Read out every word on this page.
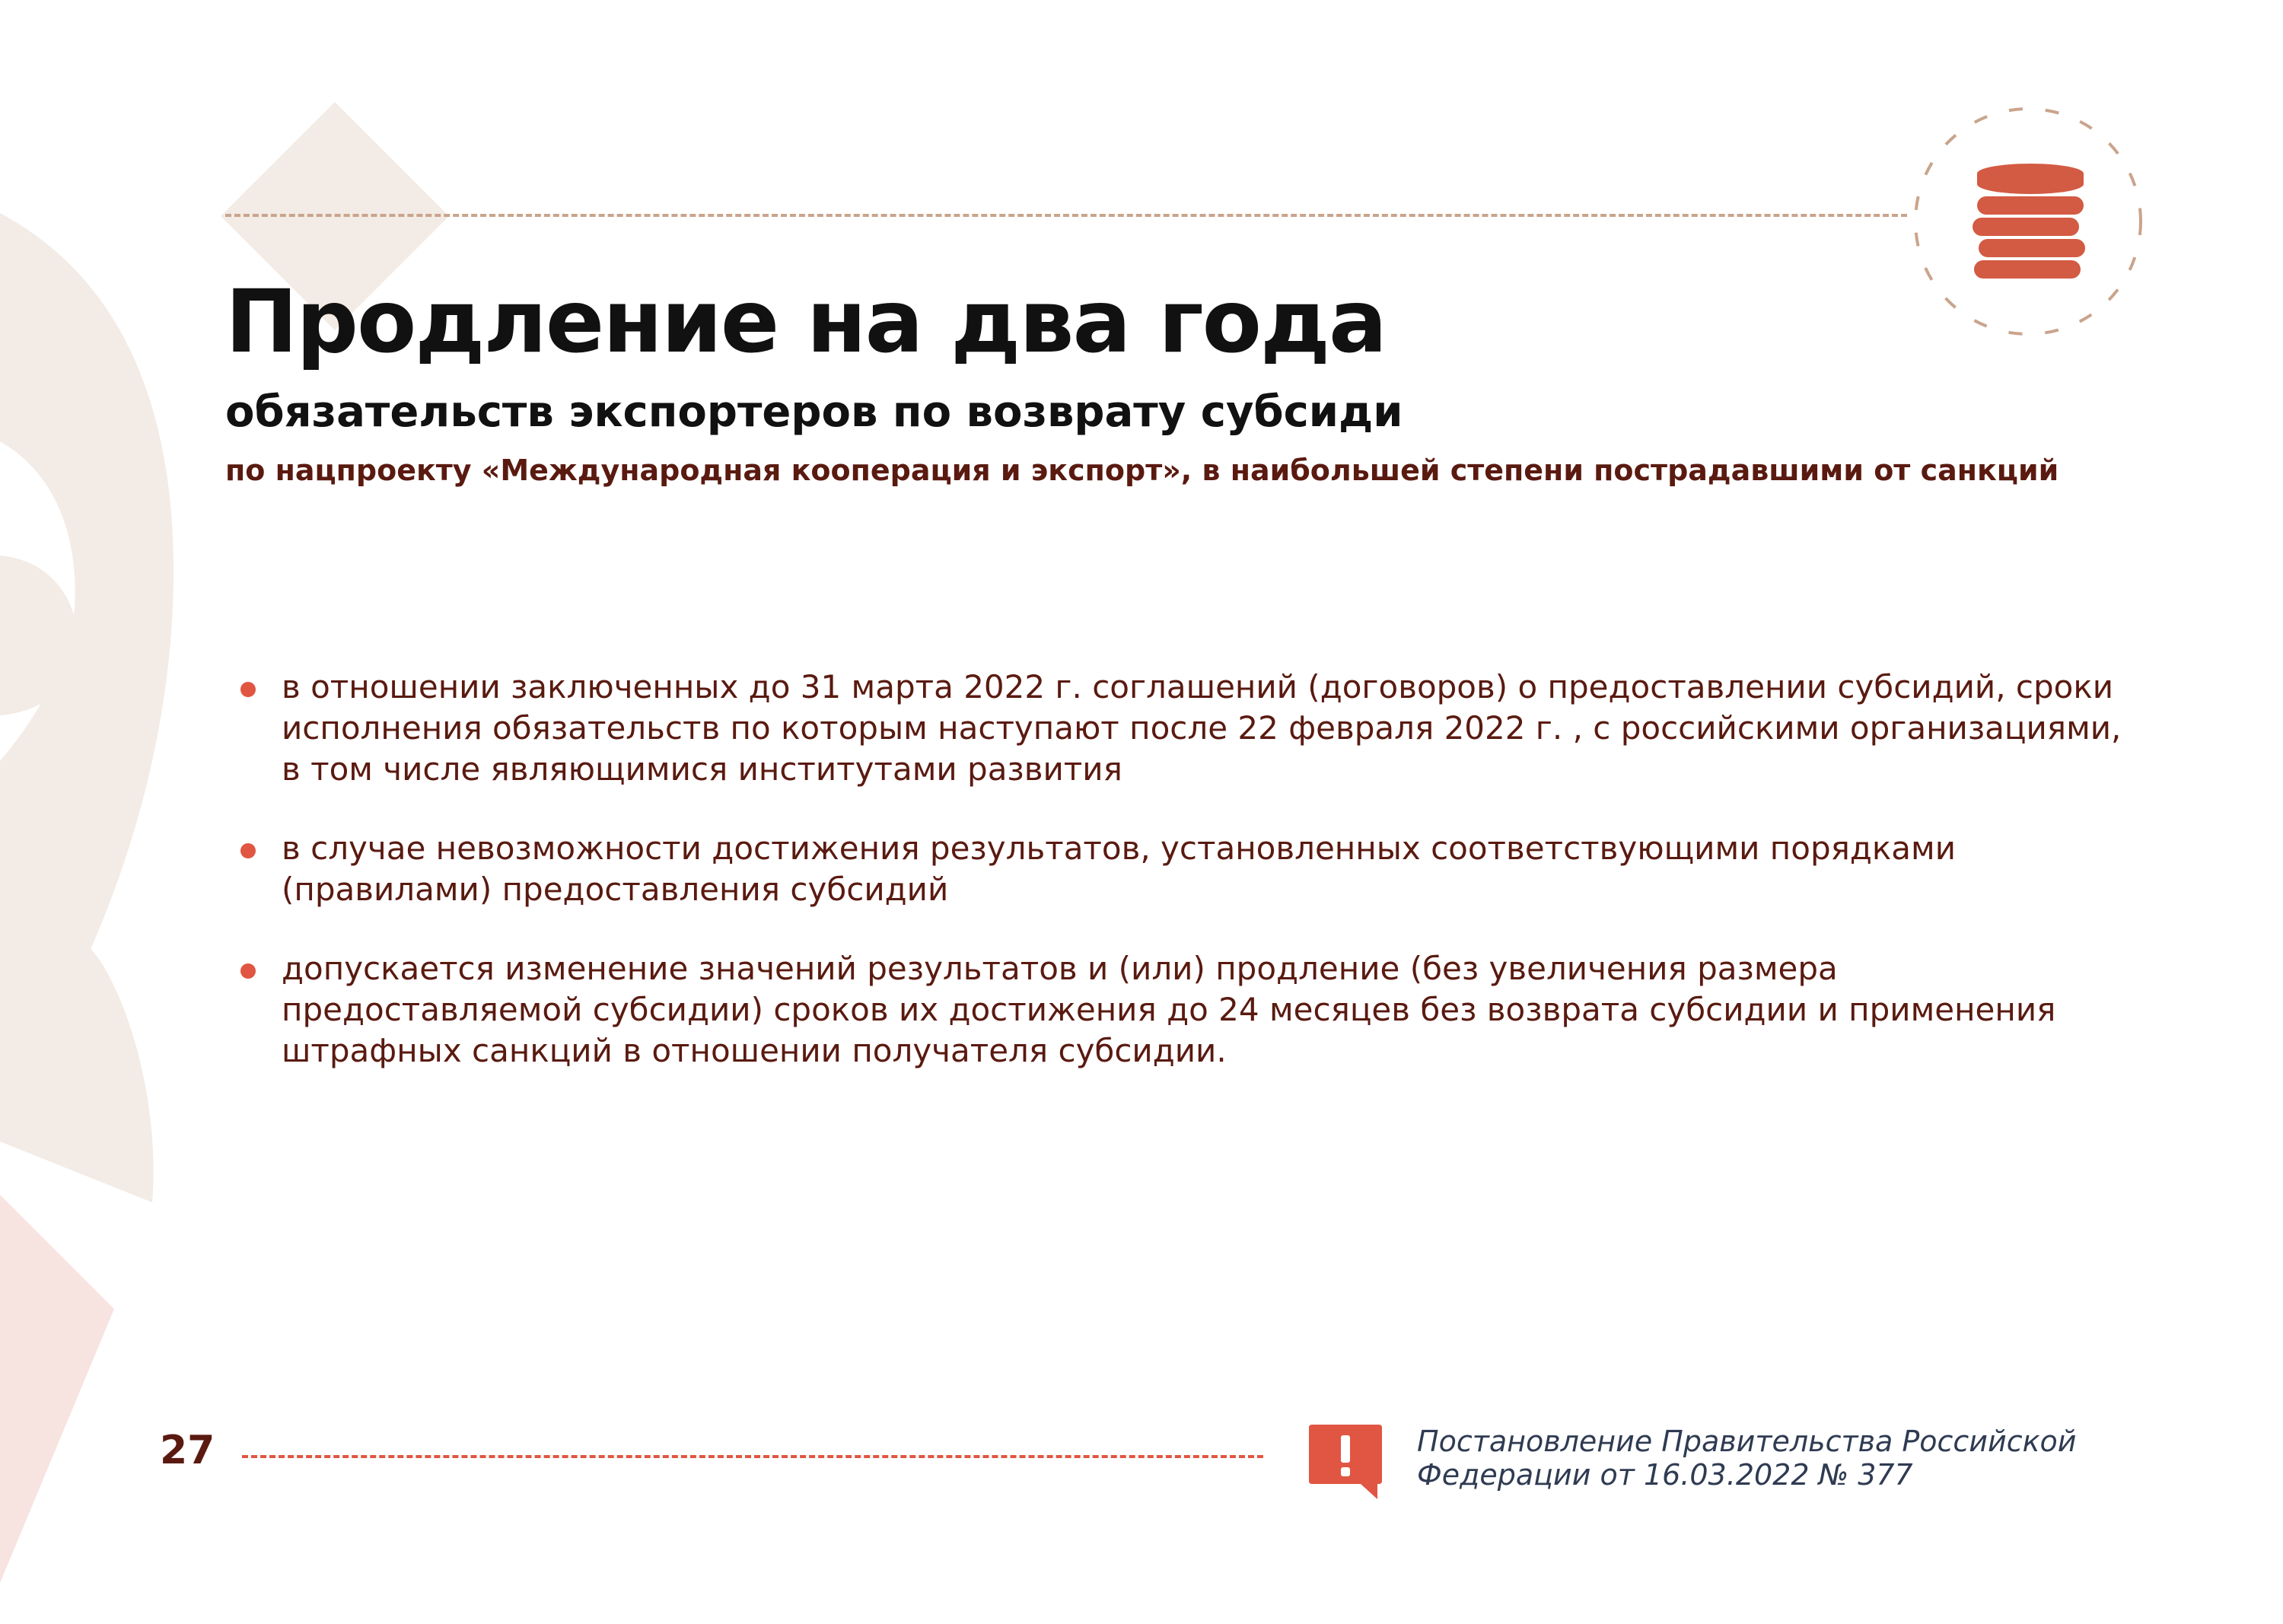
Продление на два года
обязательств экспортеров по возврату субсиди

по нацпроекту «Международная кооперация и экспорт», в наибольшей степени пострадавшими от санкций

в отношении заключенных до 31 марта 2022 г. соглашений (договоров) о предоставлении субсидий, сроки
исполнения обязательств по которым наступают после 22 февраля 2022 г. , с российскими организациями,
в том числе являющимися институтами развития
в случае невозможности достижения результатов, установленных соответствующими порядками
(правилами) предоставления субсидий
допускается изменение значений результатов и (или) продление (без увеличения размера
предоставляемой субсидии) сроков их достижения до 24 месяцев без возврата субсидии и применения
штрафных санкций в отношении получателя субсидии.
27	Постановление Правительства Российской
Федерации от 16.03.2022 № 377
